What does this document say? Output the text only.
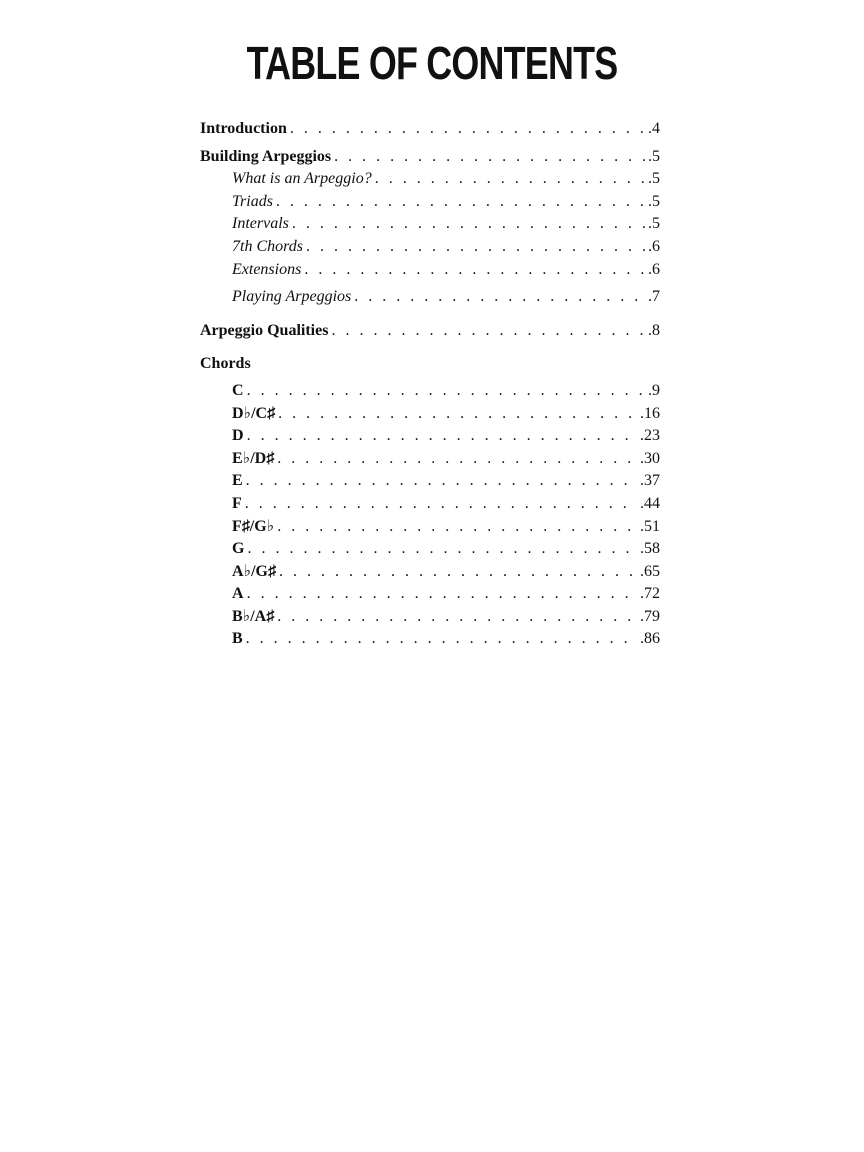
TABLE OF CONTENTS
Introduction . . .	.4
Building Arpeggios . . .	.5
What is an Arpeggio? . . .	.5
Triads . . .	.5
Intervals . . .	.5
7th Chords . . .	.6
Extensions . . .	.6
Playing Arpeggios . . .	.7
Arpeggio Qualities . . .	.8
Chords
C . . .	.9
D♭/C♯ . . .	.16
D . . .	.23
E♭/D♯ . . .	.30
E . . .	.37
F . . .	.44
F♯/G♭ . . .	.51
G . . .	.58
A♭/G♯ . . .	.65
A . . .	.72
B♭/A♯ . . .	.79
B . . .	.86
